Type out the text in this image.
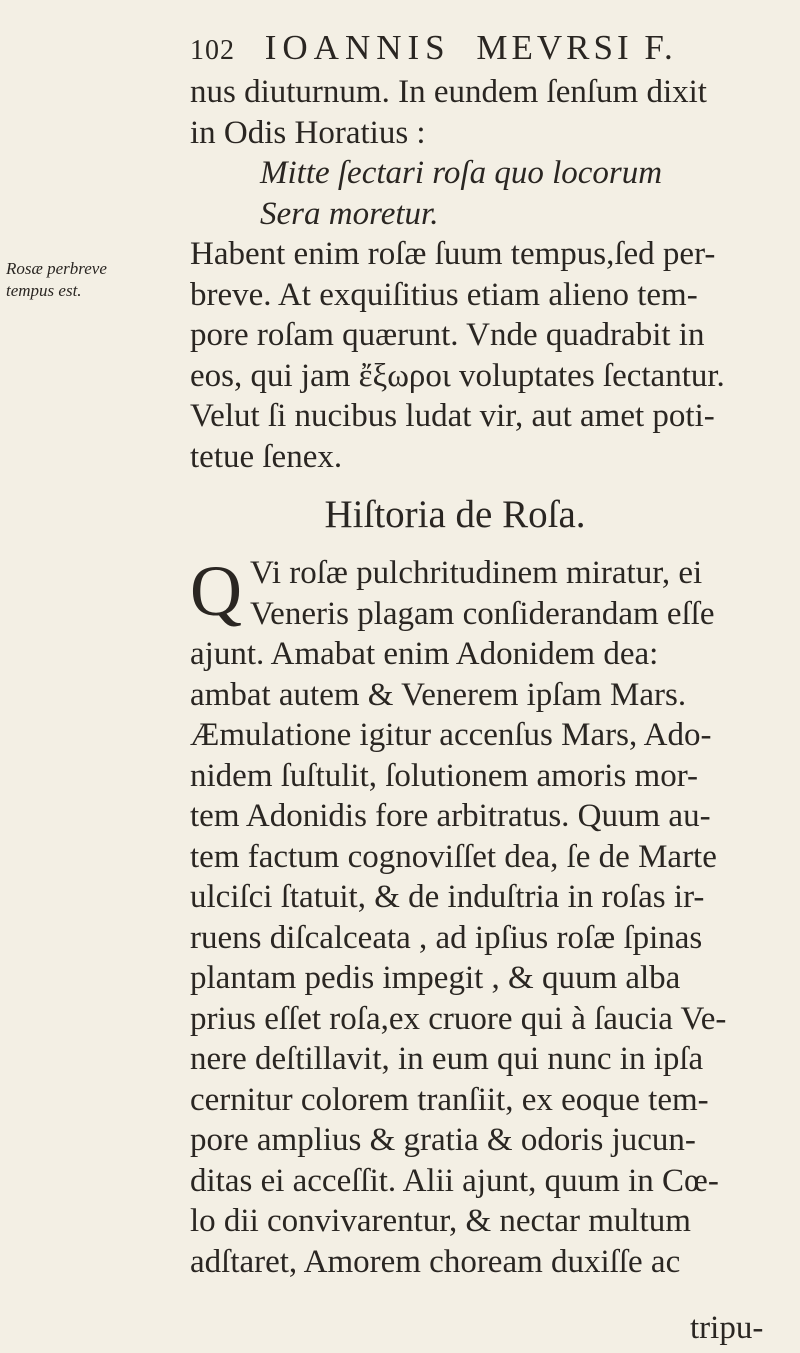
102 IOANNIS MEVRSI F.
Rosæ perbreve
tempus est.
nus diuturnum. In eundem ſenſum dixit
in Odis Horatius :
Mitte ſectari roſa quo locorum
Sera moretur.
Habent enim roſæ ſuum tempus,ſed per-
breve. At exquiſitius etiam alieno tem-
pore roſam quærunt. Vnde quadrabit in
eos, qui jam ἔξωροι voluptates ſectantur.
Velut ſi nucibus ludat vir, aut amet poti-
tetue ſenex.
Hiſtoria de Roſa.
Q Vi roſæ pulchritudinem miratur, ei
Veneris plagam conſiderandam eſſe
ajunt. Amabat enim Adonidem dea:
ambat autem & Venerem ipſam Mars.
Æmulatione igitur accenſus Mars, Ado-
nidem ſuſtulit, ſolutionem amoris mor-
tem Adonidis fore arbitratus. Quum au-
tem factum cognoviſſet dea, ſe de Marte
ulciſci ſtatuit, & de induſtria in roſas ir-
ruens diſcalceata , ad ipſius roſæ ſpinas
plantam pedis impegit , & quum alba
prius eſſet roſa,ex cruore qui à ſaucia Ve-
nere deſtillavit, in eum qui nunc in ipſa
cernitur colorem tranſiit, ex eoque tem-
pore amplius & gratia & odoris jucun-
ditas ei acceſſit. Alii ajunt, quum in Cœ-
lo dii convivarentur, & nectar multum
adſtaret, Amorem choream duxiſſe ac
tripu-
